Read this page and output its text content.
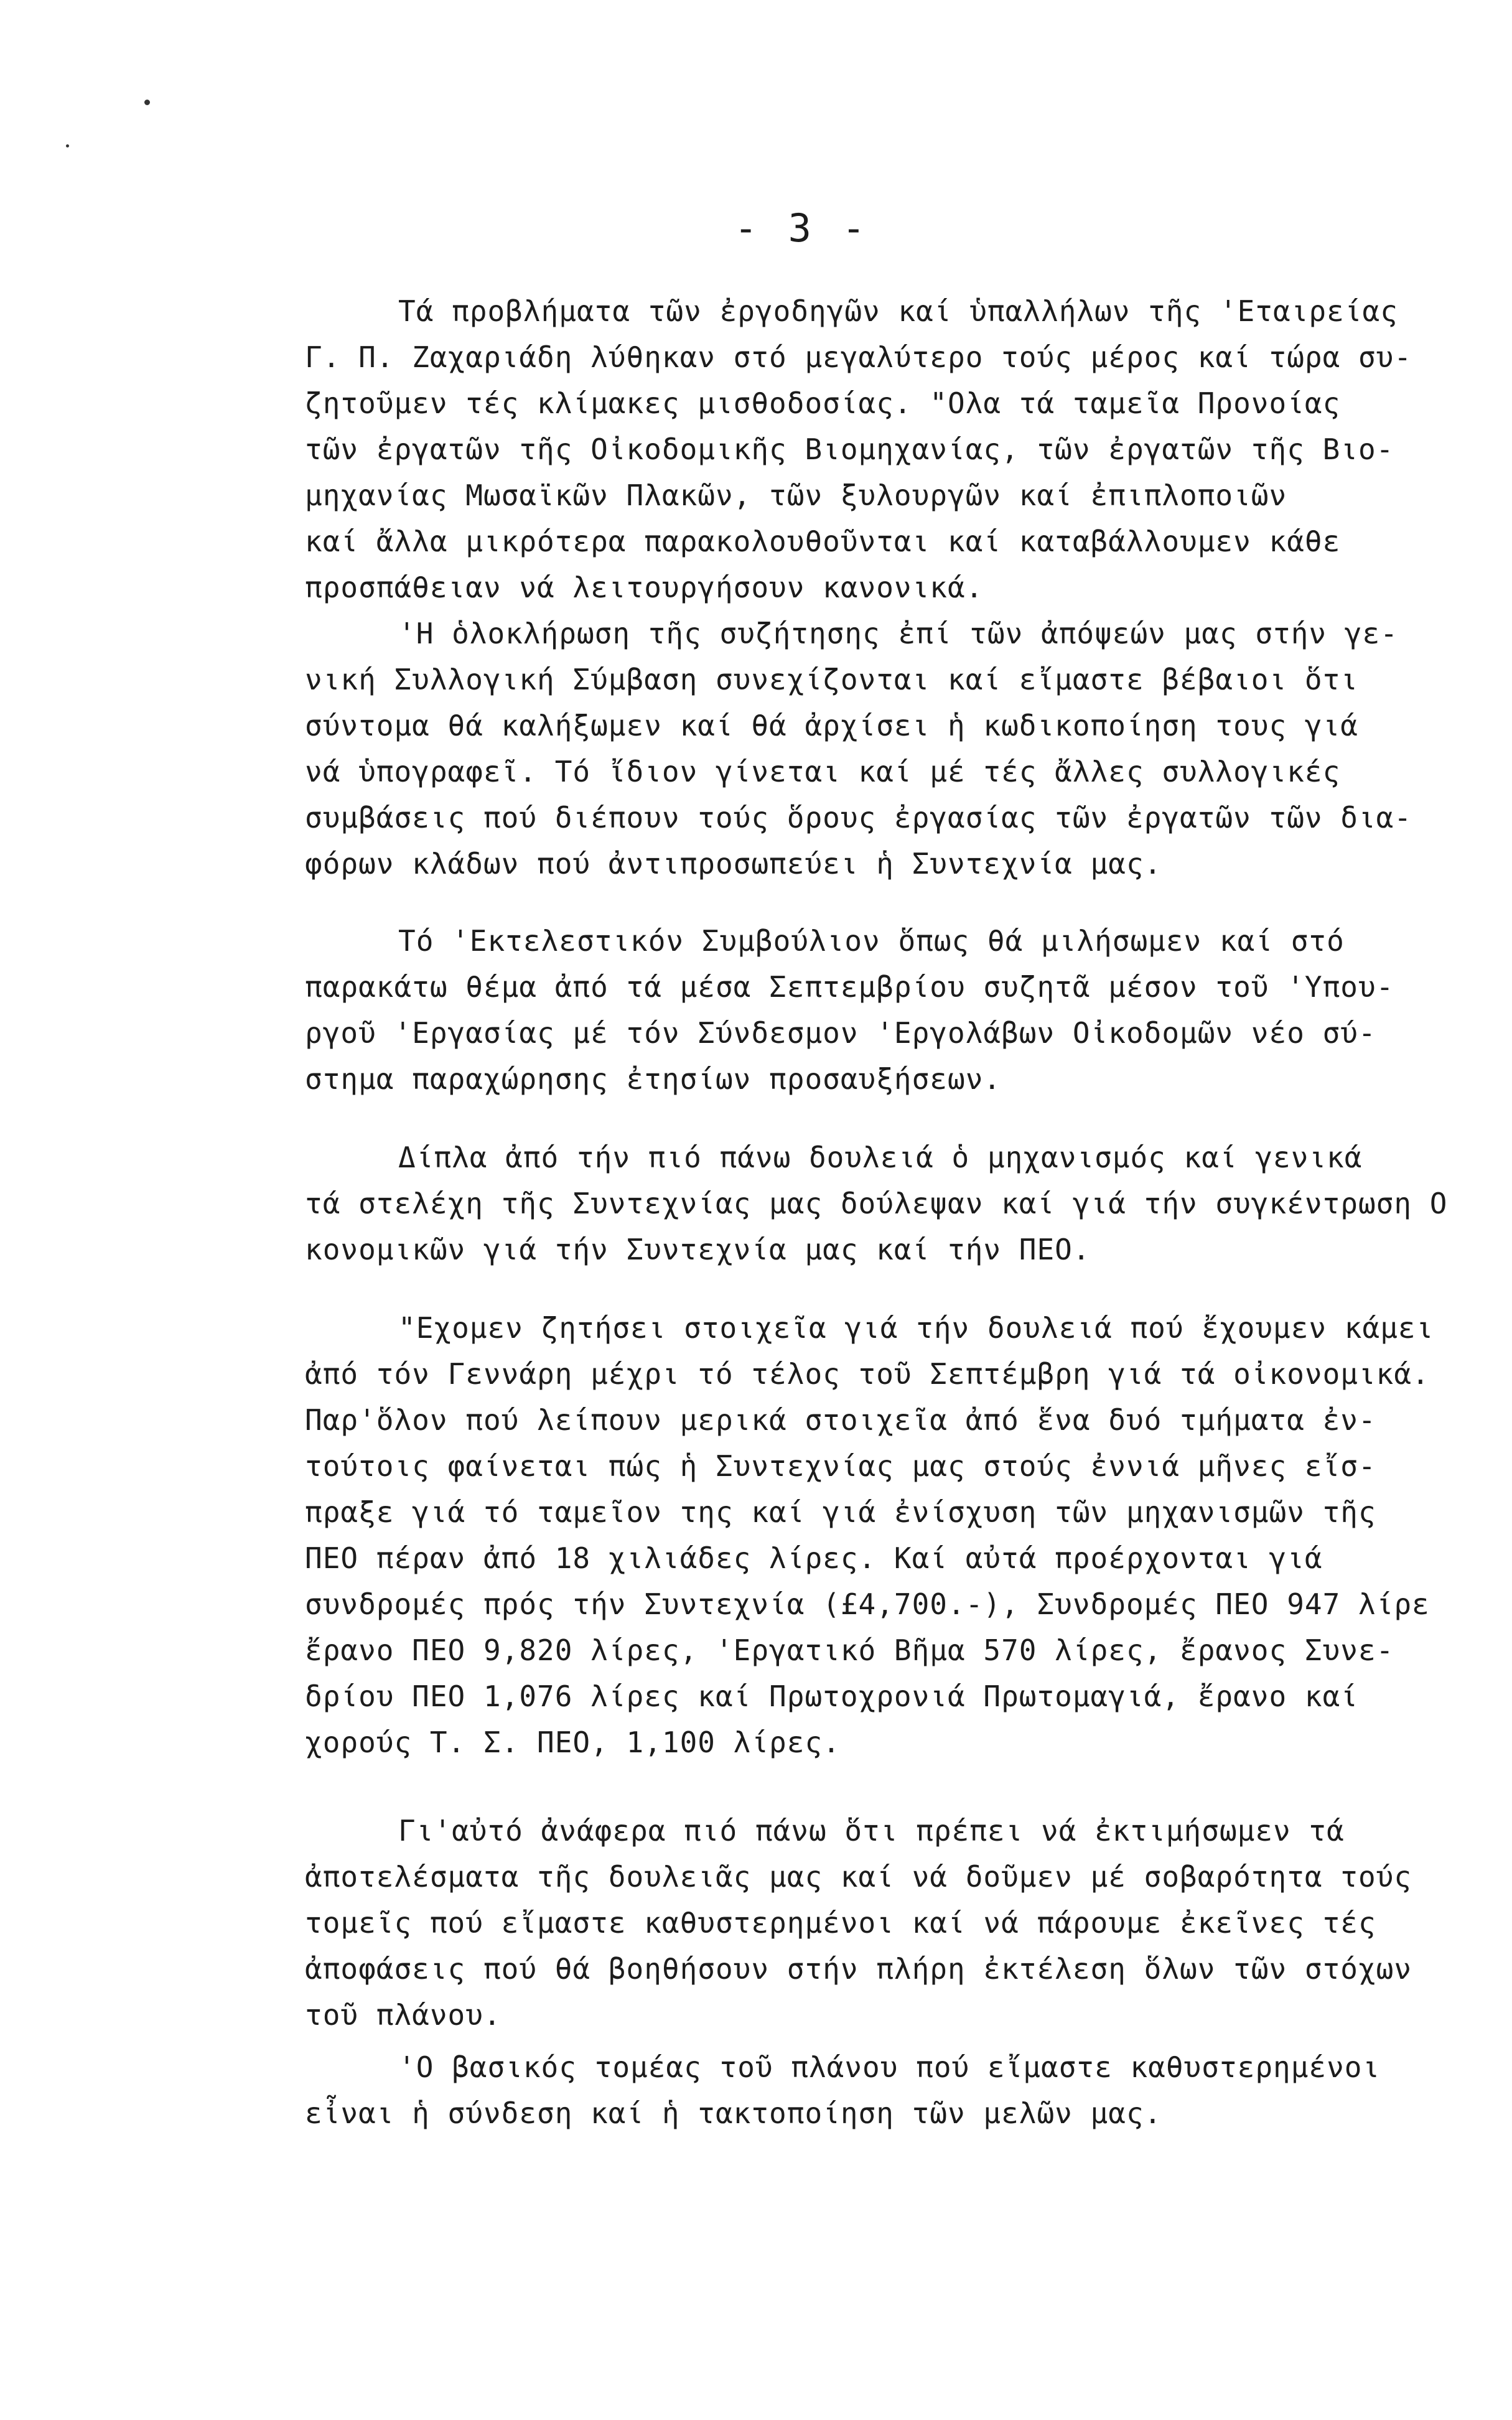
- 3 -
Τά προβλήματα τῶν ἐργοδηγῶν καί ὑπαλλήλων τῆς 'Εταιρείας
Γ. Π. Ζαχαριάδη λύθηκαν στό μεγαλύτερο τούς μέρος καί τώρα συ-
ζητοῦμεν τές κλίμακες μισθοδοσίας. "Ολα τά ταμεῖα Προνοίας
τῶν ἐργατῶν τῆς Οἰκοδομικῆς Βιομηχανίας, τῶν ἐργατῶν τῆς Βιο-
μηχανίας Μωσαϊκῶν Πλακῶν, τῶν ξυλουργῶν καί ἐπιπλοποιῶν
καί ἄλλα μικρότερα παρακολουθοῦνται καί καταβάλλουμεν κάθε
προσπάθειαν νά λειτουργήσουν κανονικά.
'Η ὁλοκλήρωση τῆς συζήτησης ἐπί τῶν ἀπόψεών μας στήν γε-
νική Συλλογική Σύμβαση συνεχίζονται καί εἴμαστε βέβαιοι ὅτι
σύντομα θά καλήξωμεν καί θά ἀρχίσει ἡ κωδικοποίηση τους γιά
νά ὑπογραφεῖ. Τό ἴδιον γίνεται καί μέ τές ἄλλες συλλογικές
συμβάσεις πού διέπουν τούς ὅρους ἐργασίας τῶν ἐργατῶν τῶν δια-
φόρων κλάδων πού ἀντιπροσωπεύει ἡ Συντεχνία μας.
Τό 'Εκτελεστικόν Συμβούλιον ὅπως θά μιλήσωμεν καί στό
παρακάτω θέμα ἀπό τά μέσα Σεπτεμβρίου συζητᾶ μέσον τοῦ 'Υπου-
ργοῦ 'Εργασίας μέ τόν Σύνδεσμον 'Εργολάβων Οἰκοδομῶν νέο σύ-
στημα παραχώρησης ἐτησίων προσαυξήσεων.
Δίπλα ἀπό τήν πιό πάνω δουλειά ὁ μηχανισμός καί γενικά
τά στελέχη τῆς Συντεχνίας μας δούλεψαν καί γιά τήν συγκέντρωση Ο
κονομικῶν γιά τήν Συντεχνία μας καί τήν ΠΕΟ.
"Εχομεν ζητήσει στοιχεῖα γιά τήν δουλειά πού ἔχουμεν κάμει
ἀπό τόν Γεννάρη μέχρι τό τέλος τοῦ Σεπτέμβρη γιά τά οἰκονομικά.
Παρ'ὅλον πού λείπουν μερικά στοιχεῖα ἀπό ἕνα δυό τμήματα ἐν-
τούτοις φαίνεται πώς ἡ Συντεχνίας μας στούς ἐννιά μῆνες εἴσ-
πραξε γιά τό ταμεῖον της καί γιά ἐνίσχυση τῶν μηχανισμῶν τῆς
ΠΕΟ πέραν ἀπό 18 χιλιάδες λίρες. Καί αὐτά προέρχονται γιά
συνδρομές πρός τήν Συντεχνία (£4,700.-), Συνδρομές ΠΕΟ 947 λίρε
ἔρανο ΠΕΟ 9,820 λίρες, 'Εργατικό Βῆμα 570 λίρες, ἔρανος Συνε-
δρίου ΠΕΟ 1,076 λίρες καί Πρωτοχρονιά Πρωτομαγιά, ἔρανο καί
χορούς Τ. Σ. ΠΕΟ, 1,100 λίρες.
Γι'αὐτό ἀνάφερα πιό πάνω ὅτι πρέπει νά ἐκτιμήσωμεν τά
ἀποτελέσματα τῆς δουλειᾶς μας καί νά δοῦμεν μέ σοβαρότητα τούς
τομεῖς πού εἴμαστε καθυστερημένοι καί νά πάρουμε ἐκεῖνες τές
ἀποφάσεις πού θά βοηθήσουν στήν πλήρη ἐκτέλεση ὅλων τῶν στόχων
τοῦ πλάνου.
'Ο βασικός τομέας τοῦ πλάνου πού εἴμαστε καθυστερημένοι
εἶναι ἡ σύνδεση καί ἡ τακτοποίηση τῶν μελῶν μας.
